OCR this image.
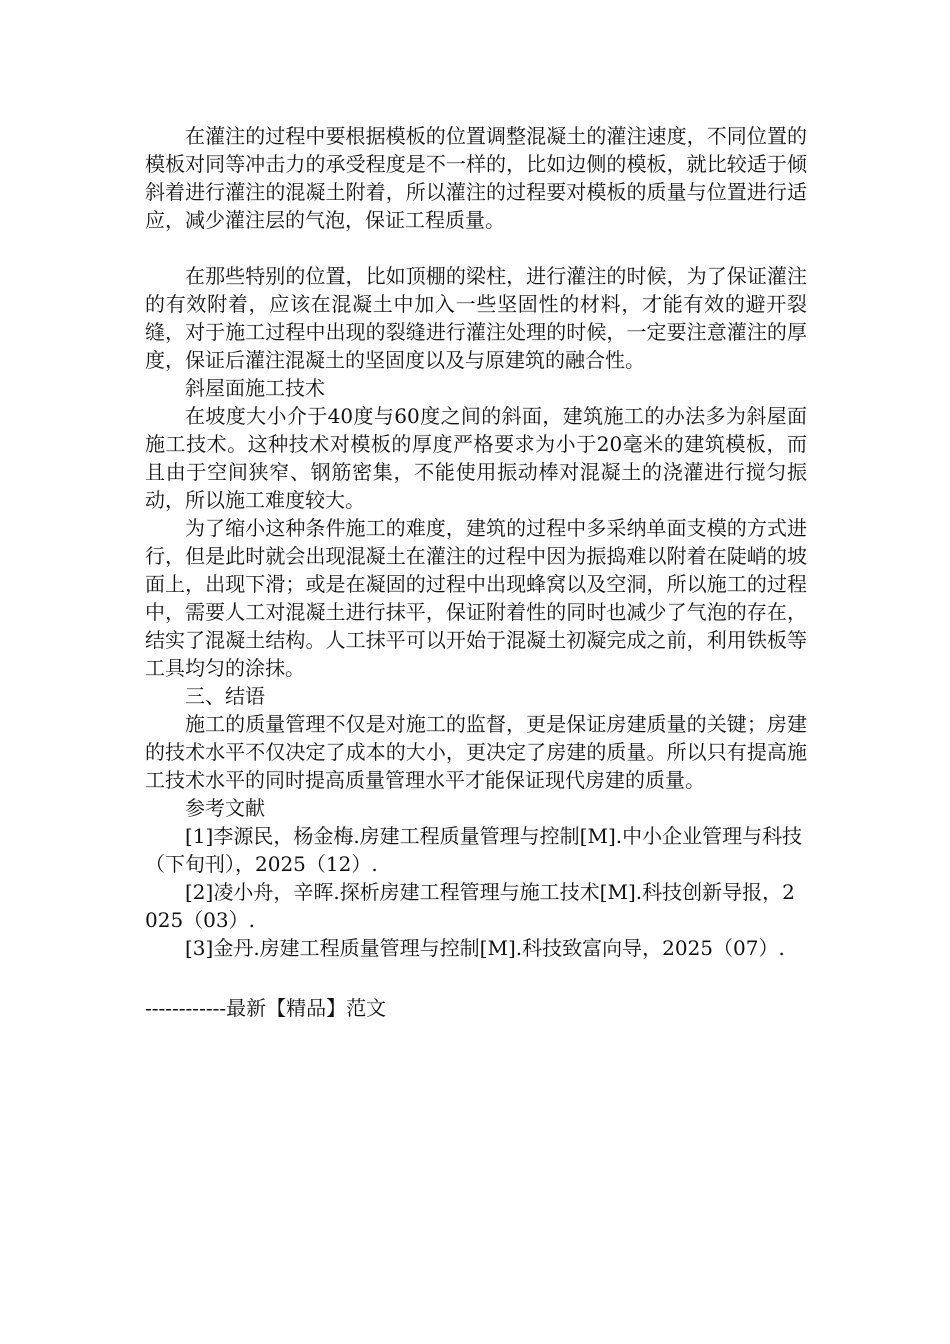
在灌注的过程中要根据模板的位置调整混凝土的灌注速度，不同位置的模板对同等冲击力的承受程度是不一样的，比如边侧的模板，就比较适于倾斜着进行灌注的混凝土附着，所以灌注的过程要对模板的质量与位置进行适应，减少灌注层的气泡，保证工程质量。

在那些特别的位置，比如顶棚的梁柱，进行灌注的时候，为了保证灌注的有效附着，应该在混凝土中加入一些坚固性的材料，才能有效的避开裂缝，对于施工过程中出现的裂缝进行灌注处理的时候，一定要注意灌注的厚度，保证后灌注混凝土的坚固度以及与原建筑的融合性。

斜屋面施工技术

在坡度大小介于40度与60度之间的斜面，建筑施工的办法多为斜屋面施工技术。这种技术对模板的厚度严格要求为小于20毫米的建筑模板，而且由于空间狭窄、钢筋密集，不能使用振动棒对混凝土的浇灌进行搅匀振动，所以施工难度较大。

为了缩小这种条件施工的难度，建筑的过程中多采纳单面支模的方式进行，但是此时就会出现混凝土在灌注的过程中因为振捣难以附着在陡峭的坡面上，出现下滑；或是在凝固的过程中出现蜂窝以及空洞，所以施工的过程中，需要人工对混凝土进行抹平，保证附着性的同时也减少了气泡的存在，结实了混凝土结构。人工抹平可以开始于混凝土初凝完成之前，利用铁板等工具均匀的涂抹。

三、结语

施工的质量管理不仅是对施工的监督，更是保证房建质量的关键；房建的技术水平不仅决定了成本的大小，更决定了房建的质量。所以只有提高施工技术水平的同时提高质量管理水平才能保证现代房建的质量。

参考文献

[1]李源民，杨金梅.房建工程质量管理与控制[M].中小企业管理与科技（下旬刊），2025（12）.

[2]凌小舟，辛晖.探析房建工程管理与施工技术[M].科技创新导报，2025（03）.

[3]金丹.房建工程质量管理与控制[M].科技致富向导，2025（07）.

------------最新【精品】范文
